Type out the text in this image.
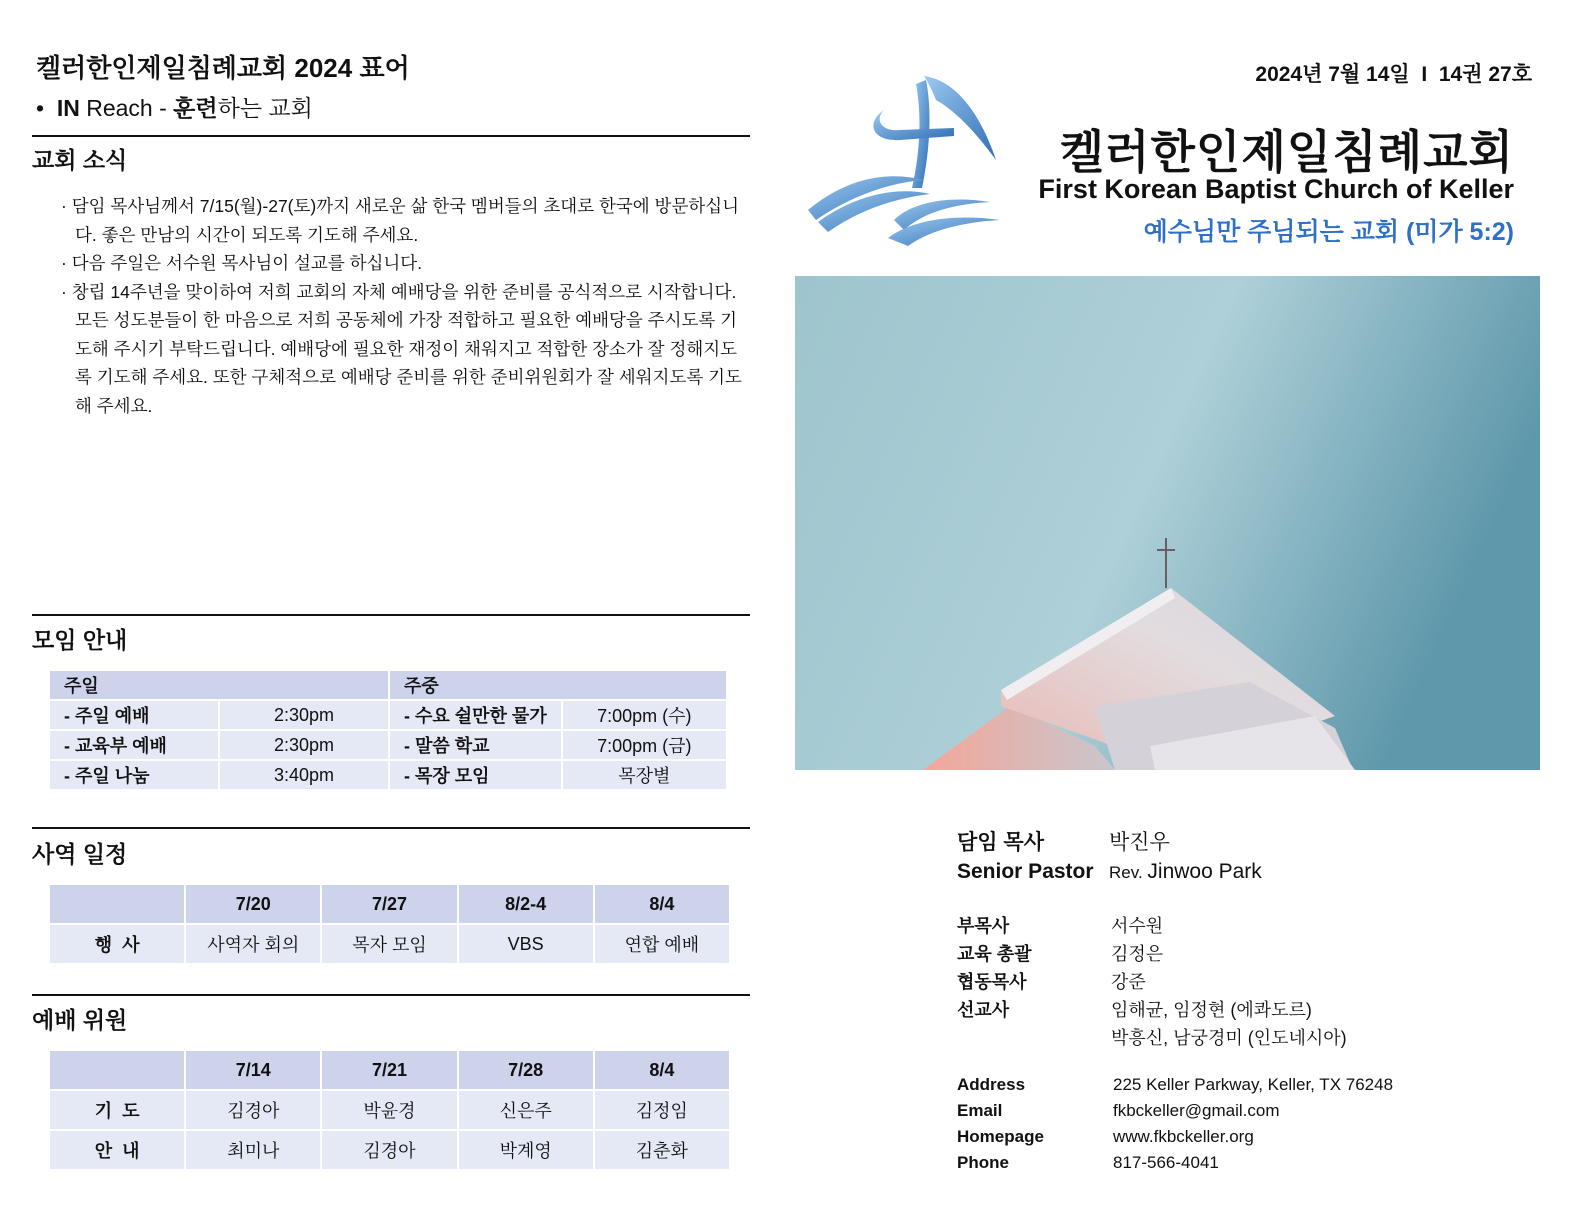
켈러한인제일침례교회 2024 표어
•  IN Reach - 훈련하는 교회
교회 소식
· 담임 목사님께서 7/15(월)-27(토)까지 새로운 삶 한국 멤버들의 초대로 한국에 방문하십니다. 좋은 만남의 시간이 되도록 기도해 주세요.
· 다음 주일은 서수원 목사님이 설교를 하십니다.
· 창립 14주년을 맞이하여 저희 교회의 자체 예배당을 위한 준비를 공식적으로 시작합니다. 모든 성도분들이 한 마음으로 저희 공동체에 가장 적합하고 필요한 예배당을 주시도록 기도해 주시기 부탁드립니다. 예배당에 필요한 재정이 채워지고 적합한 장소가 잘 정해지도록 기도해 주세요. 또한 구체적으로 예배당 준비를 위한 준비위원회가 잘 세워지도록 기도해 주세요.
모임 안내
주일		주중	
- 주일 예배	2:30pm	- 수요 쉴만한 물가	7:00pm (수)
- 교육부 예배	2:30pm	- 말씀 학교	7:00pm (금)
- 주일 나눔	3:40pm	- 목장 모임	목장별
사역 일정
	7/20	7/27	8/2-4	8/4
행  사	사역자 회의	목자 모임	VBS	연합 예배
예배 위원
	7/14	7/21	7/28	8/4
기  도	김경아	박윤경	신은주	김정임
안  내	최미나	김경아	박계영	김춘화
2024년 7월 14일  I  14권 27호
켈러한인제일침례교회
First Korean Baptist Church of Keller
예수님만 주님되는 교회 (미가 5:2)
담임 목사	박진우
Senior Pastor Rev. Jinwoo Park
부목사	서수원
교육 총괄	김정은
협동목사	강준
선교사	임해균, 임정현 (에콰도르)
박흥신, 남궁경미 (인도네시아)
Address	225 Keller Parkway, Keller, TX 76248
Email	fkbckeller@gmail.com
Homepage	www.fkbckeller.org
Phone	817-566-4041
